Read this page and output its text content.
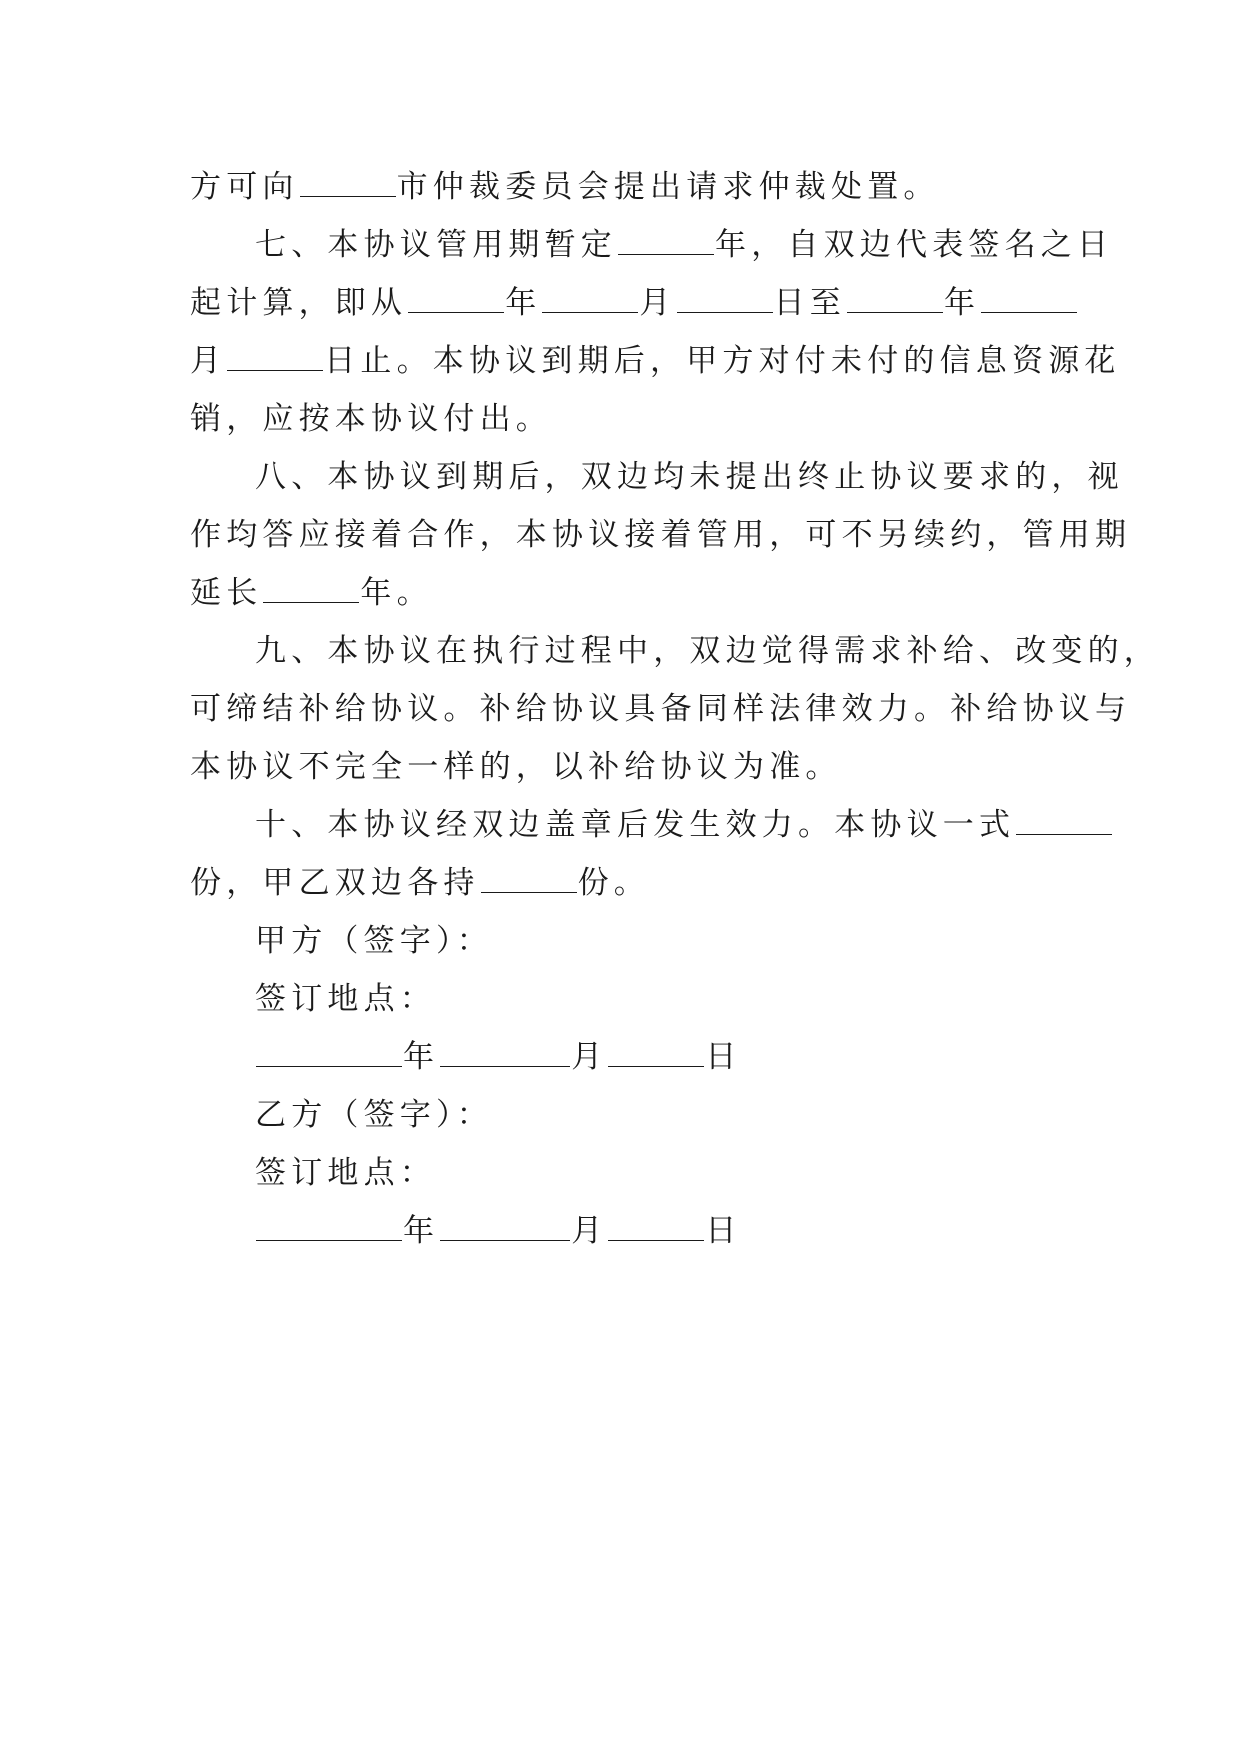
方可向	市仲裁委员会提出请求仲裁处置。
七、本协议管用期暂定	年，自双边代表签名之日
起计算，即从	年	月	日至	年
月	日止。本协议到期后，甲方对付未付的信息资源花
销，应按本协议付出。
八、本协议到期后，双边均未提出终止协议要求的，视
作均答应接着合作，本协议接着管用，可不另续约，管用期
延长	年。
九、本协议在执行过程中，双边觉得需求补给、改变的，
可缔结补给协议。补给协议具备同样法律效力。补给协议与
本协议不完全一样的，以补给协议为准。
十、本协议经双边盖章后发生效力。本协议一式
份，甲乙双边各持	份。
甲方（签字）：
签订地点：
年	月	日
乙方（签字）：
签订地点：
年	月	日
